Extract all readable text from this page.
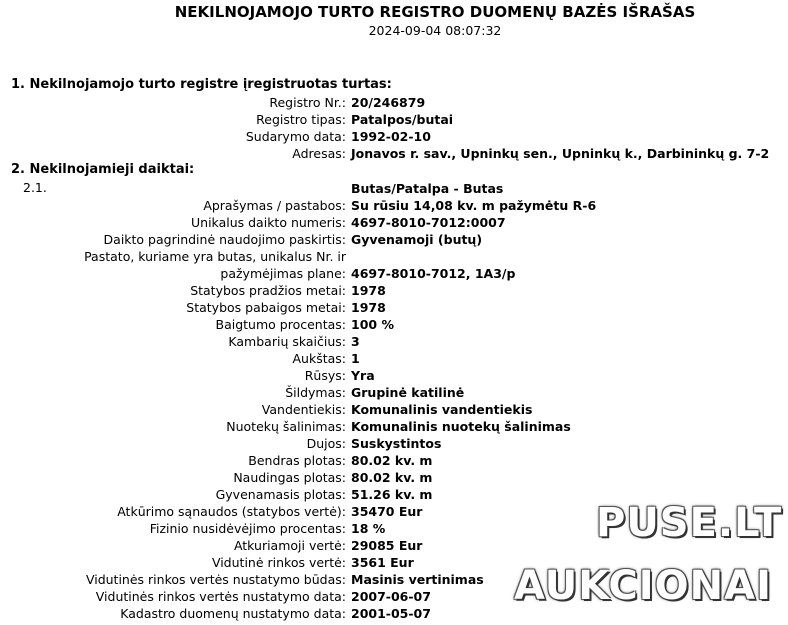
NEKILNOJAMOJO TURTO REGISTRO DUOMENŲ BAZĖS IŠRAŠAS
2024-09-04 08:07:32
1. Nekilnojamojo turto registre įregistruotas turtas:
Registro Nr.: 20/246879
Registro tipas: Patalpos/butai
Sudarymo data: 1992-02-10
Adresas: Jonavos r. sav., Upninkų sen., Upninkų k., Darbininkų g. 7-2
2. Nekilnojamieji daiktai:
2.1.	Butas/Patalpa - Butas
Aprašymas / pastabos: Su rūsiu 14,08 kv. m pažymėtu R-6
Unikalus daikto numeris: 4697-8010-7012:0007
Daikto pagrindinė naudojimo paskirtis: Gyvenamoji (butų)
Pastato, kuriame yra butas, unikalus Nr. ir
pažymėjimas plane: 4697-8010-7012, 1A3/p
Statybos pradžios metai: 1978
Statybos pabaigos metai: 1978
Baigtumo procentas: 100 %
Kambarių skaičius: 3
Aukštas: 1
Rūsys: Yra
Šildymas: Grupinė katilinė
Vandentiekis: Komunalinis vandentiekis
Nuotekų šalinimas: Komunalinis nuotekų šalinimas
Dujos: Suskystintos
Bendras plotas: 80.02 kv. m
Naudingas plotas: 80.02 kv. m
Gyvenamasis plotas: 51.26 kv. m
Atkūrimo sąnaudos (statybos vertė): 35470 Eur
Fizinio nusidėvėjimo procentas: 18 %
Atkuriamoji vertė: 29085 Eur
Vidutinė rinkos vertė: 3561 Eur
Vidutinės rinkos vertės nustatymo būdas: Masinis vertinimas
Vidutinės rinkos vertės nustatymo data: 2007-06-07
Kadastro duomenų nustatymo data: 2001-05-07
PUSE.LT
AUKCIONAI
